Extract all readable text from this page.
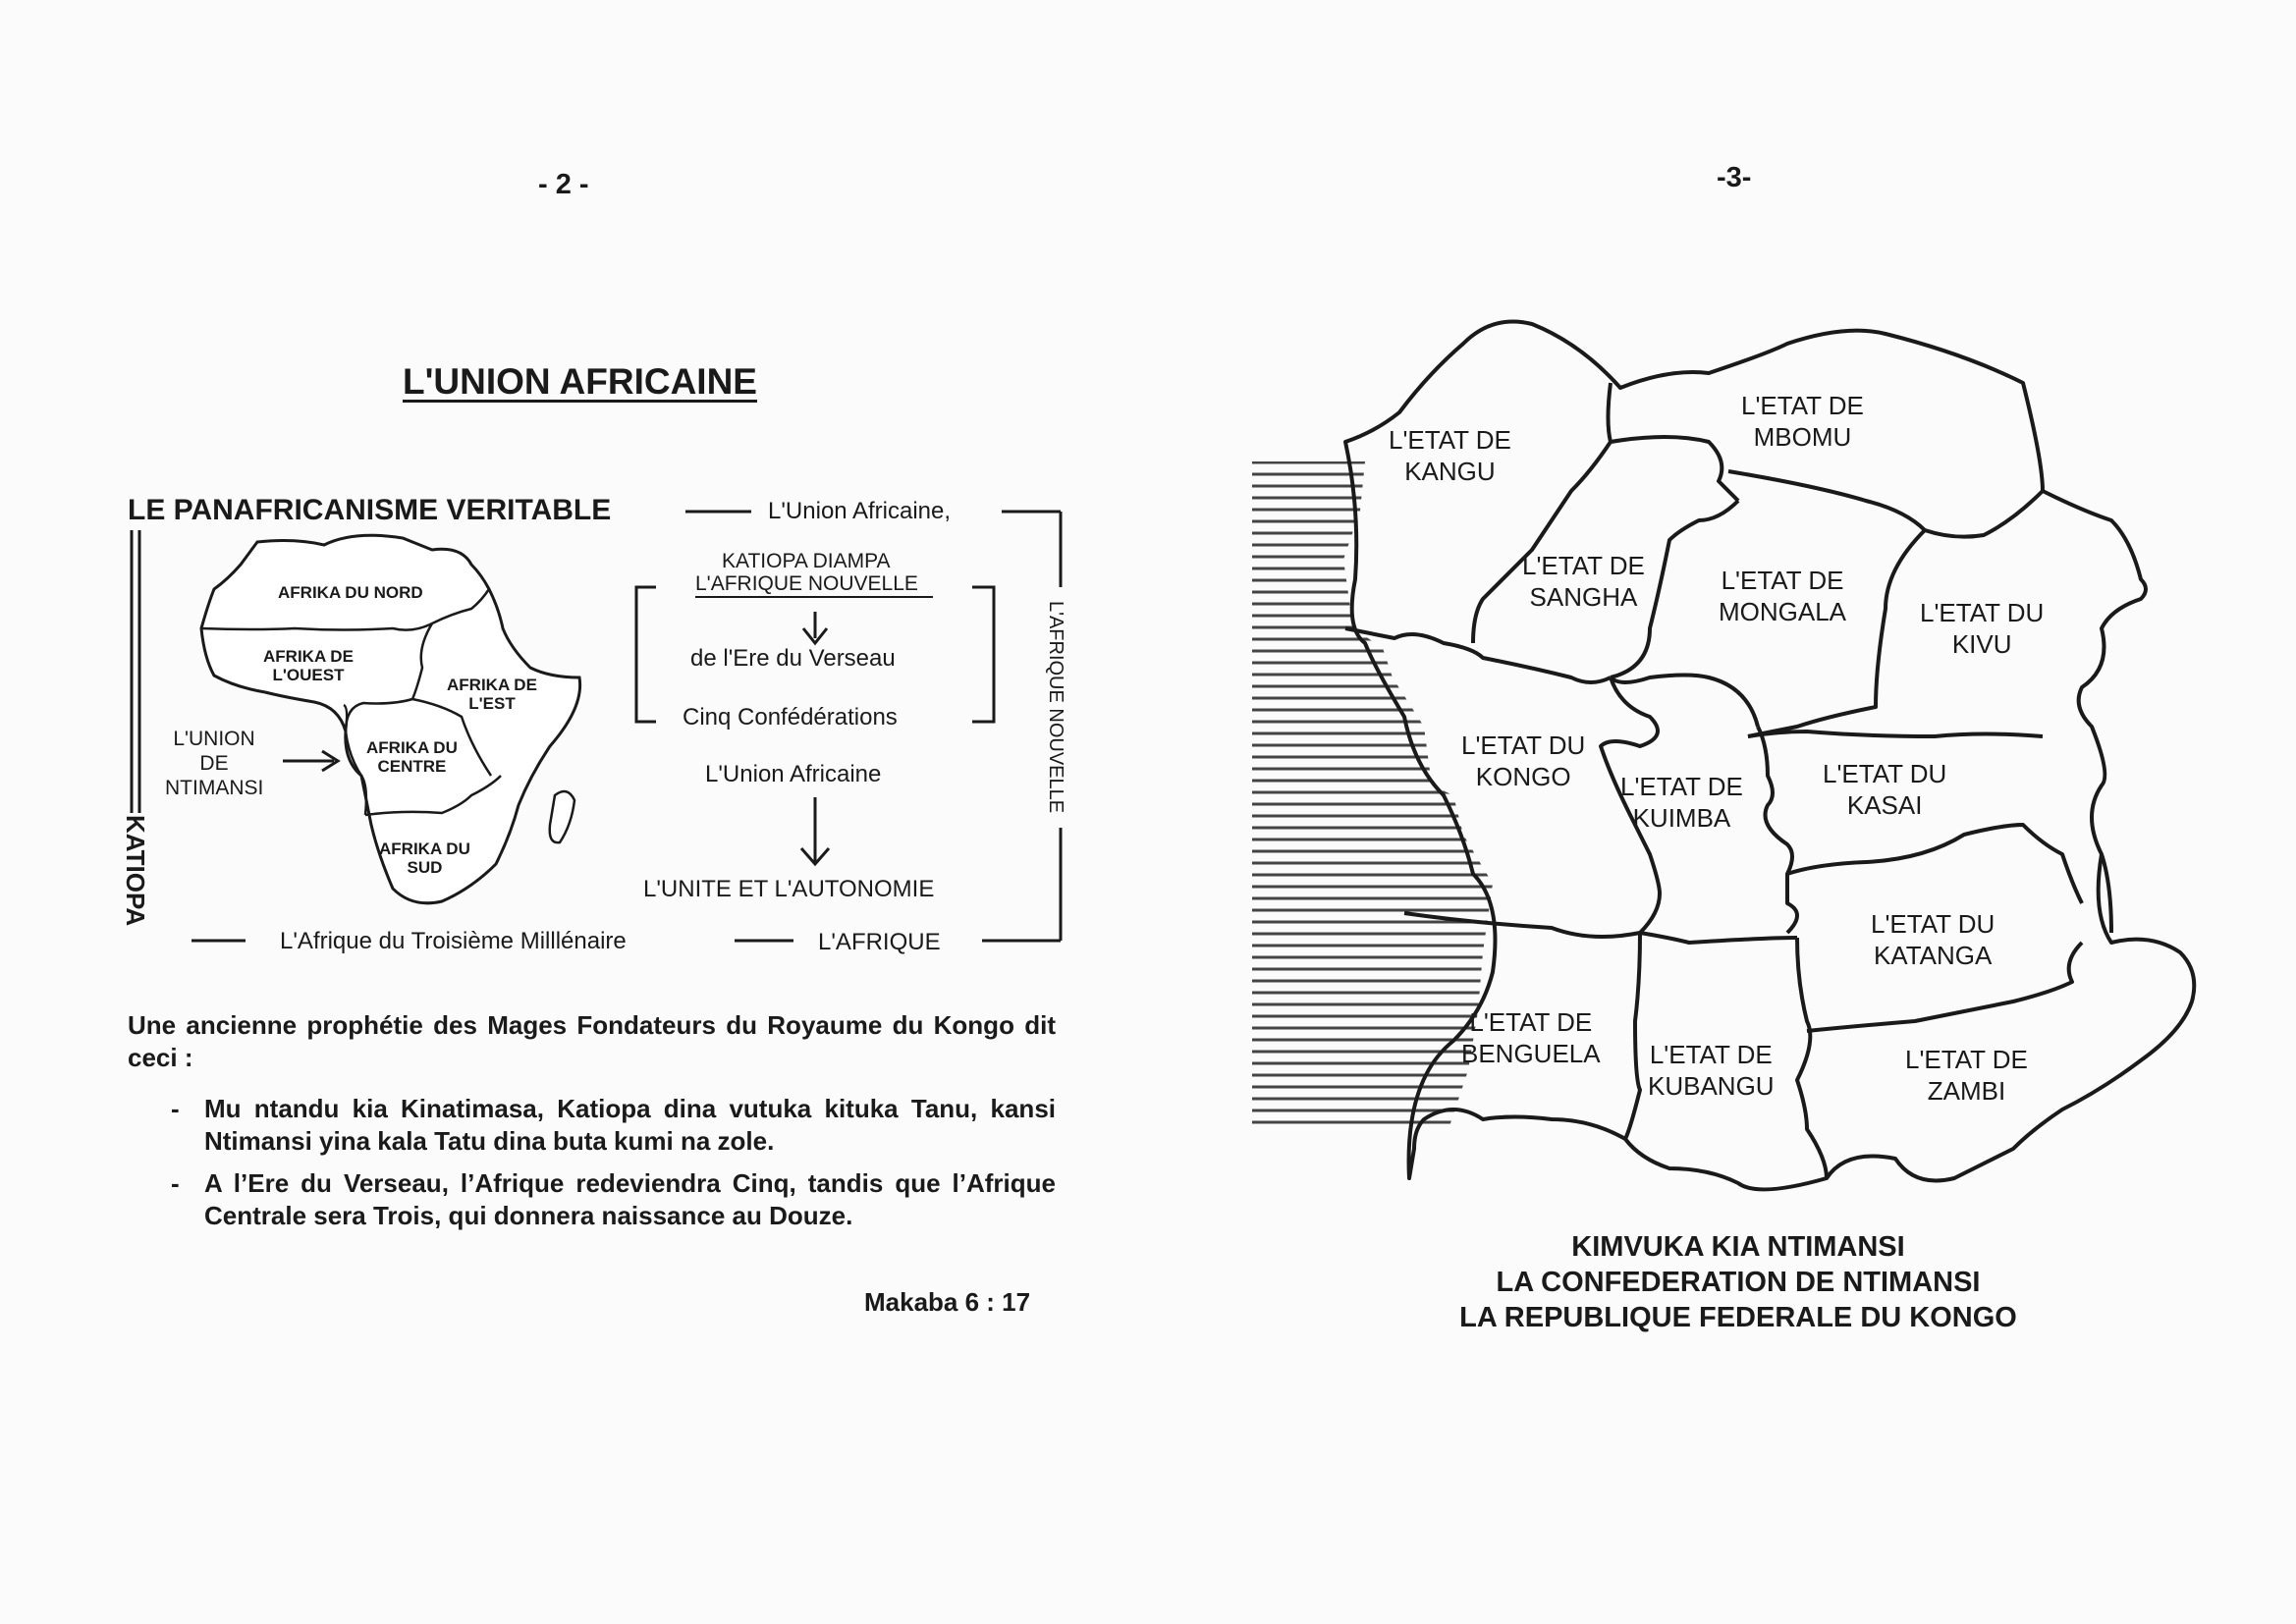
- 2 -
L'UNION AFRICAINE
LE PANAFRICANISME VERITABLE	L'Union Africaine,
KATIOPA DIAMPA
L'AFRIQUE NOUVELLE
de l'Ere du Verseau
Cinq Confédérations
L'Union Africaine
L'UNITE ET L'AUTONOMIE
L'Afrique du Troisième Milllénaire	L'AFRIQUE
KATIOPA
L'AFRIQUE NOUVELLE
L'UNION
DE
NTIMANSI
AFRIKA DU NORD
AFRIKA DE
L'OUEST
AFRIKA DE
L'EST
AFRIKA DU
CENTRE
AFRIKA DU
SUD
Une ancienne prophétie des Mages Fondateurs du Royaume du Kongo dit ceci :
- Mu ntandu kia Kinatimasa, Katiopa dina vutuka kituka Tanu, kansi Ntimansi yina kala Tatu dina buta kumi na zole.
- A l’Ere du Verseau, l’Afrique redeviendra Cinq, tandis que l’Afrique Centrale sera Trois, qui donnera naissance au Douze.
Makaba 6 : 17
-3-
L'ETAT DE
KANGU
L'ETAT DE
MBOMU
L'ETAT DE
SANGHA
L'ETAT DE
MONGALA	L'ETAT DU
KIVU
L'ETAT DU
KONGO	L'ETAT DE
KUIMBA
L'ETAT DU
KASAI
L'ETAT DU
KATANGA
L'ETAT DE
BENGUELA L'ETAT DE
KUBANGU
L'ETAT DE
ZAMBI
KIMVUKA KIA NTIMANSI
LA CONFEDERATION DE NTIMANSI
LA REPUBLIQUE FEDERALE DU KONGO
